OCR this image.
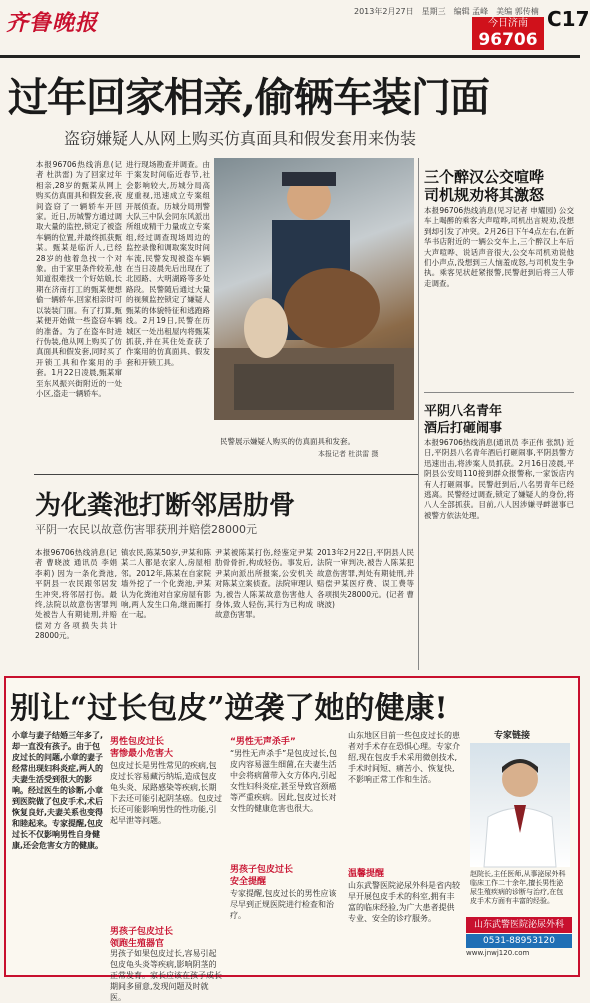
齐鲁晚报	2013年2月27日　星期三　编辑 孟峰　美编 郭传楠
今日济南
96706
C17
过年回家相亲,偷辆车装门面
盗窃嫌疑人从网上购买仿真面具和假发套用来伪装
本报96706热线消息(记者 杜洪雷) 为了回家过年相亲,28岁的甄某从网上购买仿真面具和假发套,夜间盗窃了一辆轿车开回家。近日,历城警方通过调取大量的监控,锁定了被盗车辆的位置,并最终抓获甄某。甄某是临沂人,已经28岁的他着急找一个对象。由于家里条件较差,他知道很难找一个好姑娘,长期在济南打工的甄某便想偷一辆轿车,回家相亲时可以装装门面。有了打算,甄某便开始做一些盗窃车辆的准备。为了在盗车时进行伪装,他从网上购买了仿真面具和假发套,同时买了开锁工具和作案用的手套。1月22日凌晨,甄某窜至东风振兴街附近的一处小区,盗走一辆轿车。
进行现场勘查并调查。由于案发时间临近春节,社会影响较大,历城分局高度重视,迅速成立专案组开展侦查。历城分局刑警大队三中队会同东风派出所组成精干力量成立专案组,经过调查现场周边的监控录像和调取案发时间车流,民警发现被盗车辆在当日凌晨先后出现在了北园路、大明湖路等多处路段。民警随后通过大量的视频监控锁定了嫌疑人甄某的体貌特征和逃跑路线。2月19日,民警在历城区一处出租屋内将甄某抓获,并在其住处查获了作案用的仿真面具、假发套和开锁工具。
民警展示嫌疑人购买的仿真面具和发套。
本报记者 杜洪雷 摄
三个醉汉公交喧哗
司机规劝将其激怒
本报96706热线消息(见习记者 申耀园) 公交车上喝醉的乘客大声喧哗,司机出言规劝,没想到却引发了冲突。2月26日下午4点左右,在新华书店附近的一辆公交车上,三个醉汉上车后大声喧哗、说话声音很大,公交车司机劝说他们小声点,没想到三人恼羞成怒,与司机发生争执。乘客见状赶紧报警,民警赶到后将三人带走调查。
平阴八名青年
酒后打砸闹事
本报96706热线消息(通讯员 李正伟 张凯) 近日,平阴县八名青年酒后打砸闹事,平阴县警方迅速出击,将涉案人员抓获。2月16日凌晨,平阴县公安局110接到群众报警称,一家饭店内有人打砸闹事。民警赶到后,八名男青年已经逃离。民警经过调查,锁定了嫌疑人的身份,将八人全部抓获。目前,八人因涉嫌寻衅滋事已被警方依法处理。
为化粪池打断邻居肋骨
平阴一农民以故意伤害罪获刑并赔偿28000元
本报96706热线消息(记者 曹晓波 通讯员 李娟 李莉) 因为一条化粪池,平阴县一农民跟邻居发生冲突,将邻居打伤。最终,法院以故意伤害罪判处被告人有期徒刑,并赔偿对方各项损失共计28000元。
镇农民,陈某50岁,尹某和陈某二人都是农家人,房屋相邻。2012年,陈某在自家院墙外挖了一个化粪池,尹某认为化粪池对自家房屋有影响,两人发生口角,继而厮打在一起。
尹某被陈某打伤,经鉴定尹某肋骨骨折,构成轻伤。事发后,尹某向派出所报案,公安机关对陈某立案侦查。法院审理认为,被告人陈某故意伤害他人身体,致人轻伤,其行为已构成故意伤害罪。
2013年2月22日,平阴县人民法院一审判决,被告人陈某犯故意伤害罪,判处有期徒刑,并赔偿尹某医疗费、误工费等各项损失28000元。(记者 曹晓波)
别让“过长包皮”逆袭了她的健康!
小章与妻子结婚三年多了,却一直没有孩子。由于包皮过长的问题,小章的妻子经常出现妇科炎症,两人的夫妻生活受到很大的影响。经过医生的诊断,小章到医院做了包皮手术,术后恢复良好,夫妻关系也变得和睦起来。专家提醒,包皮过长不仅影响男性自身健康,还会危害女方的健康。
男性包皮过长
害惨最小危害大
包皮过长是男性常见的疾病,包皮过长容易藏污纳垢,造成包皮龟头炎、尿路感染等疾病,长期下去还可能引起阴茎癌。包皮过长还可能影响男性的性功能,引起早泄等问题。
男孩子包皮过长
领跑生殖器官
男孩子如果包皮过长,容易引起包皮龟头炎等疾病,影响阴茎的正常发育。家长应该在孩子成长期间多留意,发现问题及时就医。
“男性无声杀手”
“男性无声杀手”是包皮过长,包皮内容易滋生细菌,在夫妻生活中会将病菌带入女方体内,引起女性妇科炎症,甚至导致宫颈癌等严重疾病。因此,包皮过长对女性的健康危害也很大。
男孩子包皮过长
安全提醒
专家提醒,包皮过长的男性应该尽早到正规医院进行检查和治疗。
山东地区目前一些包皮过长的患者对手术存在恐惧心理。专家介绍,现在包皮手术采用微创技术,手术时间短、痛苦小、恢复快,不影响正常工作和生活。
温馨提醒
山东武警医院泌尿外科是省内较早开展包皮手术的科室,拥有丰富的临床经验,为广大患者提供专业、安全的诊疗服务。
专家链接
赵院长,主任医师,从事泌尿外科临床工作二十余年,擅长男性泌尿生殖疾病的诊断与治疗,在包皮手术方面有丰富的经验。
山东武警医院泌尿外科
0531-88953120
www.jnwj120.com
